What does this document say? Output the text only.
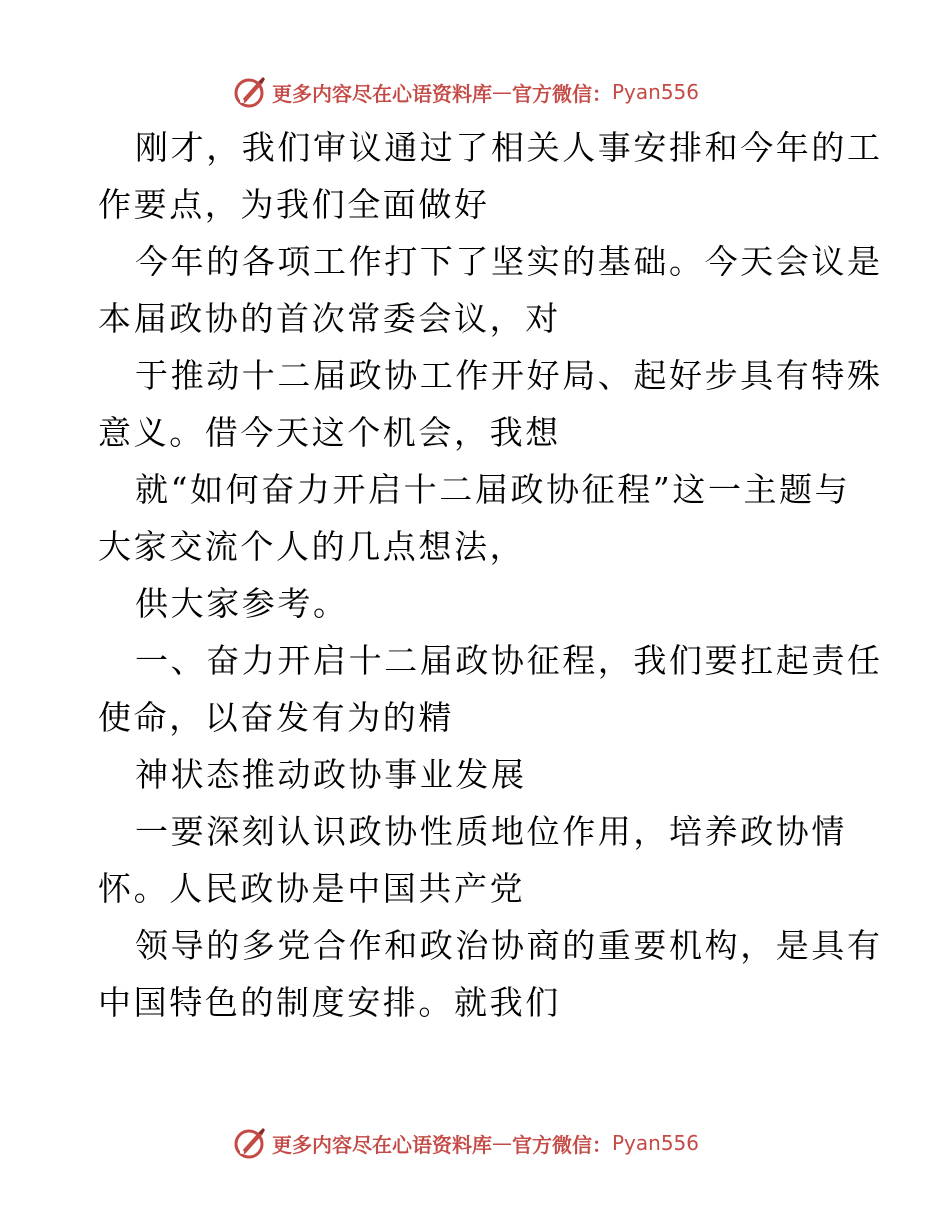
更多内容尽在心语资料库 — 官方微信： Pyan556
刚才，我们审议通过了相关人事安排和今年的工
作要点，为我们全面做好
今年的各项工作打下了坚实的基础。今天会议是
本届政协的首次常委会议，对
于推动十二届政协工作开好局、起好步具有特殊
意义。借今天这个机会，我想
就“如何奋力开启十二届政协征程”这一主题与
大家交流个人的几点想法，
供大家参考。
一、奋力开启十二届政协征程，我们要扛起责任
使命，以奋发有为的精
神状态推动政协事业发展
一要深刻认识政协性质地位作用，培养政协情
怀。人民政协是中国共产党
领导的多党合作和政治协商的重要机构，是具有
中国特色的制度安排。就我们
更多内容尽在心语资料库 — 官方微信： Pyan556
